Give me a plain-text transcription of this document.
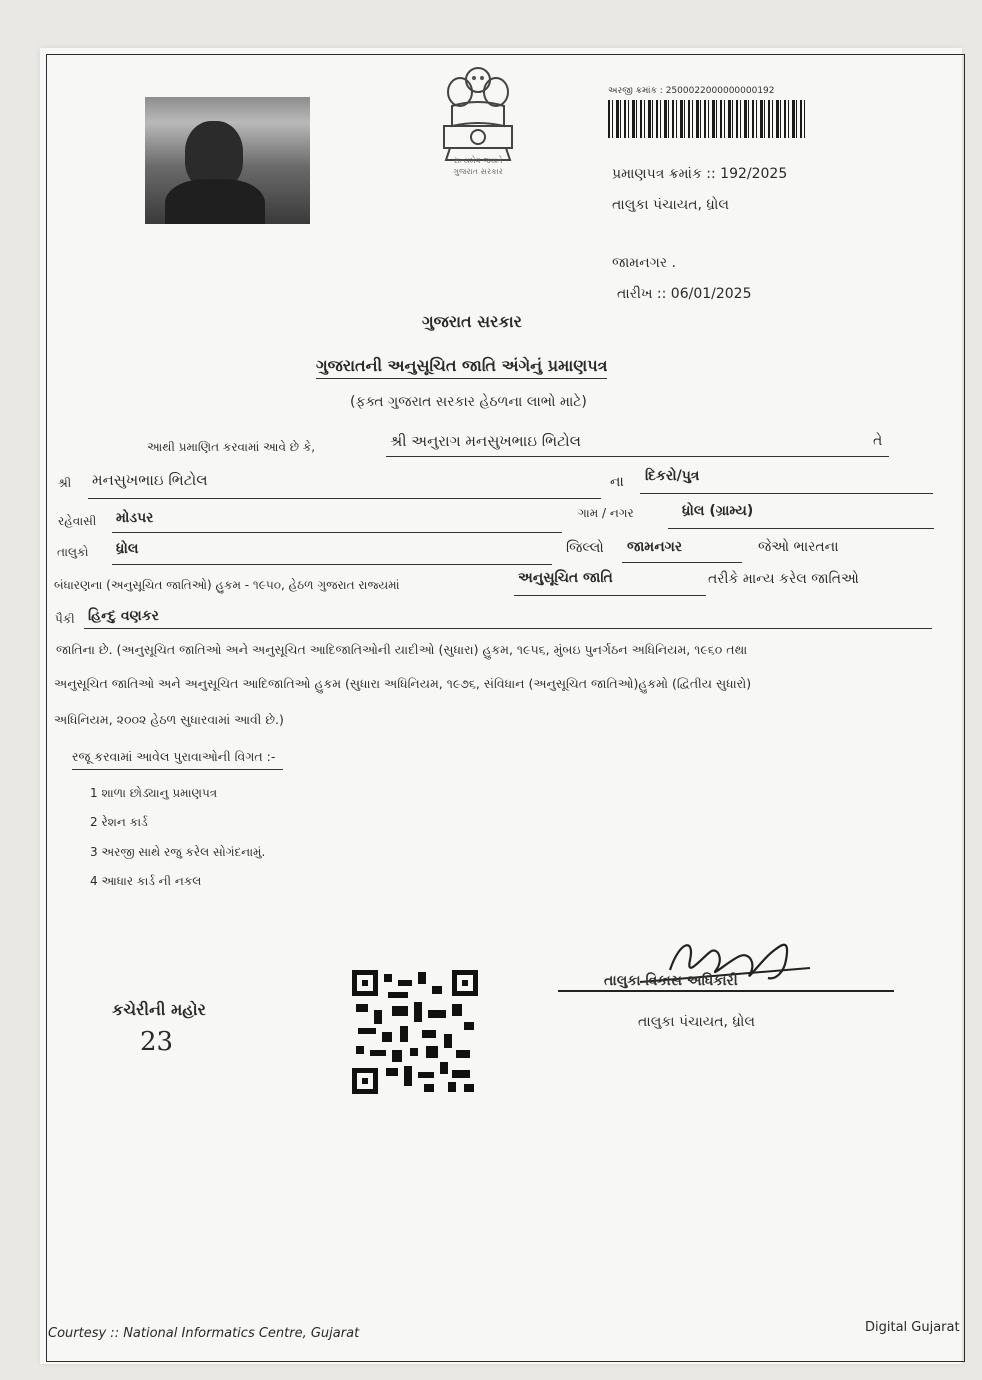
સત્યમેવ જયતે
ગુજરાત સરકાર
અરજી ક્રમાંક : 2500022000000000192
પ્રમાણપત્ર ક્રમાંક :: 192/2025
તાલુકા પંચાયત, ધ્રોલ
જામનગર .
તારીખ :: 06/01/2025
ગુજરાત સરકાર
ગુજરાતની અનુસૂચિત જાતિ અંગેનું પ્રમાણપત્ર
(ફક્ત ગુજરાત સરકાર હેઠળના લાભો માટે)
આથી પ્રમાણિત કરવામાં આવે છે કે,	શ્રી અનુરાગ મનસુખભાઇ ભિટોલ	તે
શ્રી મનસુખભાઇ ભિટોલ	ના દિકરો/પુત્ર
રહેવાસી મોડપર	ગામ / નગર	ધ્રોલ (ગ્રામ્ય)
તાલુકો ધ્રોલ	જિલ્લો જામનગર	જેઓ ભારતના
બંધારણના (અનુસૂચિત જાતિઓ) હુકમ - ૧૯૫૦, હેઠળ ગુજરાત રાજ્યમાં	અનુસૂચિત જાતિ	તરીકે માન્ય કરેલ જાતિઓ
પૈકી હિન્દુ વણકર
જાતિના છે. (અનુસૂચિત જાતિઓ અને અનુસૂચિત આદિજાતિઓની યાદીઓ (સુધારા) હુકમ, ૧૯૫૬, મુંબઇ પુનર્ગઠન અધિનિયમ, ૧૯૬૦ તથા
અનુસૂચિત જાતિઓ અને અનુસૂચિત આદિજાતિઓ હુકમ (સુધારા અધિનિયમ, ૧૯૭૬, સંવિધાન (અનુસૂચિત જાતિઓ)હુકમો (દ્વિતીય સુધારો)
અધિનિયમ, ૨૦૦૨ હેઠળ સુધારવામાં આવી છે.)
રજૂ કરવામાં આવેલ પુરાવાઓની વિગત :-
1 શાળા છોડ્યાનુ પ્રમાણપત્ર
2 રેશન કાર્ડ
3 અરજી સાથે રજુ કરેલ સોગંદનામું.
4 આધાર કાર્ડ ની નકલ
કચેરીની મહોર
23
તાલુકા વિકાસ અધિકારી
તાલુકા પંચાયત, ધ્રોલ
Courtesy :: National Informatics Centre, Gujarat	Digital Gujarat
